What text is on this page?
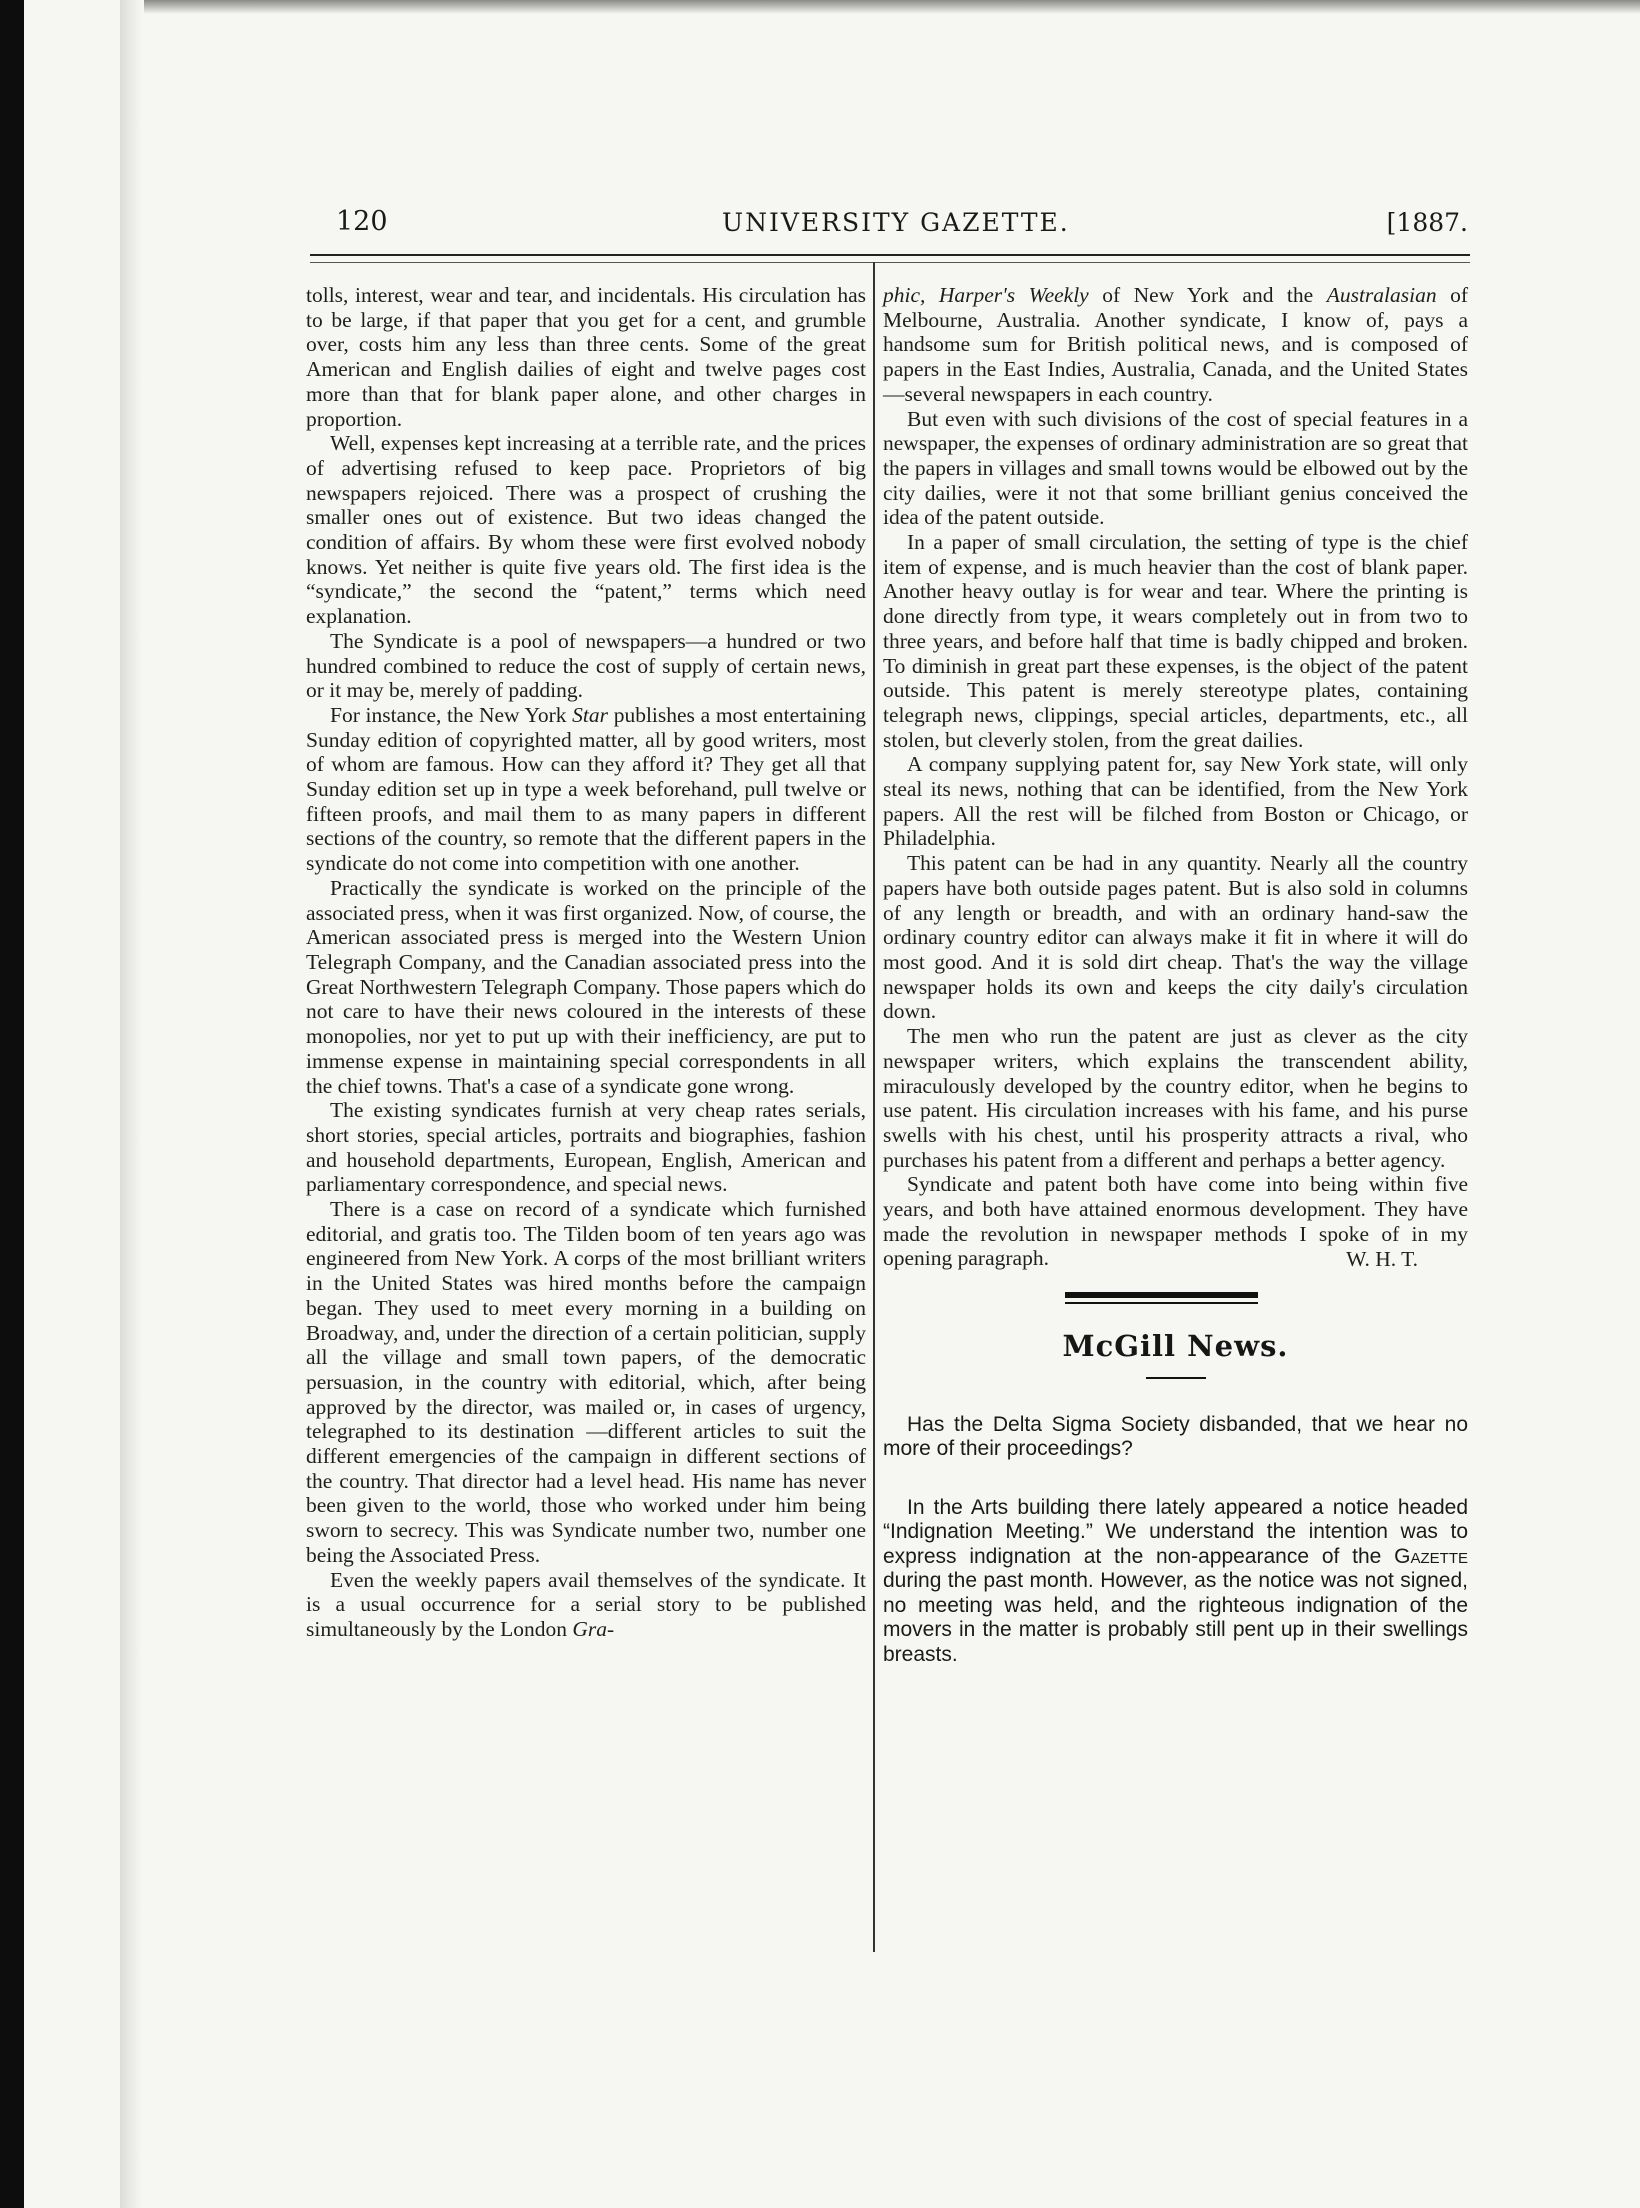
120	UNIVERSITY GAZETTE.	[1887.

tolls, interest, wear and tear, and incidentals. His circulation has to be large, if that paper that you get for a cent, and grumble over, costs him any less than three cents. Some of the great American and English dailies of eight and twelve pages cost more than that for blank paper alone, and other charges in proportion.

Well, expenses kept increasing at a terrible rate, and the prices of advertising refused to keep pace. Proprietors of big newspapers rejoiced. There was a prospect of crushing the smaller ones out of existence. But two ideas changed the condition of affairs. By whom these were first evolved nobody knows. Yet neither is quite five years old. The first idea is the “syndicate,” the second the “patent,” terms which need explanation.

The Syndicate is a pool of newspapers—a hundred or two hundred combined to reduce the cost of supply of certain news, or it may be, merely of padding.

For instance, the New York Star publishes a most entertaining Sunday edition of copyrighted matter, all by good writers, most of whom are famous. How can they afford it? They get all that Sunday edition set up in type a week beforehand, pull twelve or fifteen proofs, and mail them to as many papers in different sections of the country, so remote that the different papers in the syndicate do not come into competition with one another.

Practically the syndicate is worked on the principle of the associated press, when it was first organized. Now, of course, the American associated press is merged into the Western Union Telegraph Company, and the Canadian associated press into the Great Northwestern Telegraph Company. Those papers which do not care to have their news coloured in the interests of these monopolies, nor yet to put up with their inefficiency, are put to immense expense in maintaining special correspondents in all the chief towns. That's a case of a syndicate gone wrong.

The existing syndicates furnish at very cheap rates serials, short stories, special articles, portraits and biographies, fashion and household departments, European, English, American and parliamentary correspondence, and special news.

There is a case on record of a syndicate which furnished editorial, and gratis too. The Tilden boom of ten years ago was engineered from New York. A corps of the most brilliant writers in the United States was hired months before the campaign began. They used to meet every morning in a building on Broadway, and, under the direction of a certain politician, supply all the village and small town papers, of the democratic persuasion, in the country with editorial, which, after being approved by the director, was mailed or, in cases of urgency, telegraphed to its destination —different articles to suit the different emergencies of the campaign in different sections of the country. That director had a level head. His name has never been given to the world, those who worked under him being sworn to secrecy. This was Syndicate number two, number one being the Associated Press.

Even the weekly papers avail themselves of the syndicate. It is a usual occurrence for a serial story to be published simultaneously by the London Gra-

phic, Harper's Weekly of New York and the Australasian of Melbourne, Australia. Another syndicate, I know of, pays a handsome sum for British political news, and is composed of papers in the East Indies, Australia, Canada, and the United States—several newspapers in each country.

But even with such divisions of the cost of special features in a newspaper, the expenses of ordinary administration are so great that the papers in villages and small towns would be elbowed out by the city dailies, were it not that some brilliant genius conceived the idea of the patent outside.

In a paper of small circulation, the setting of type is the chief item of expense, and is much heavier than the cost of blank paper. Another heavy outlay is for wear and tear. Where the printing is done directly from type, it wears completely out in from two to three years, and before half that time is badly chipped and broken. To diminish in great part these expenses, is the object of the patent outside. This patent is merely stereotype plates, containing telegraph news, clippings, special articles, departments, etc., all stolen, but cleverly stolen, from the great dailies.

A company supplying patent for, say New York state, will only steal its news, nothing that can be identified, from the New York papers. All the rest will be filched from Boston or Chicago, or Philadelphia.

This patent can be had in any quantity. Nearly all the country papers have both outside pages patent. But is also sold in columns of any length or breadth, and with an ordinary hand-saw the ordinary country editor can always make it fit in where it will do most good. And it is sold dirt cheap. That's the way the village newspaper holds its own and keeps the city daily's circulation down.

The men who run the patent are just as clever as the city newspaper writers, which explains the transcendent ability, miraculously developed by the country editor, when he begins to use patent. His circulation increases with his fame, and his purse swells with his chest, until his prosperity attracts a rival, who purchases his patent from a different and perhaps a better agency.

Syndicate and patent both have come into being within five years, and both have attained enormous development. They have made the revolution in newspaper methods I spoke of in my opening paragraph.	W. H. T.
McGill News.

Has the Delta Sigma Society disbanded, that we hear no more of their proceedings?

In the Arts building there lately appeared a notice headed “Indignation Meeting.” We understand the intention was to express indignation at the non-appearance of the Gazette during the past month. However, as the notice was not signed, no meeting was held, and the righteous indignation of the movers in the matter is probably still pent up in their swellings breasts.
